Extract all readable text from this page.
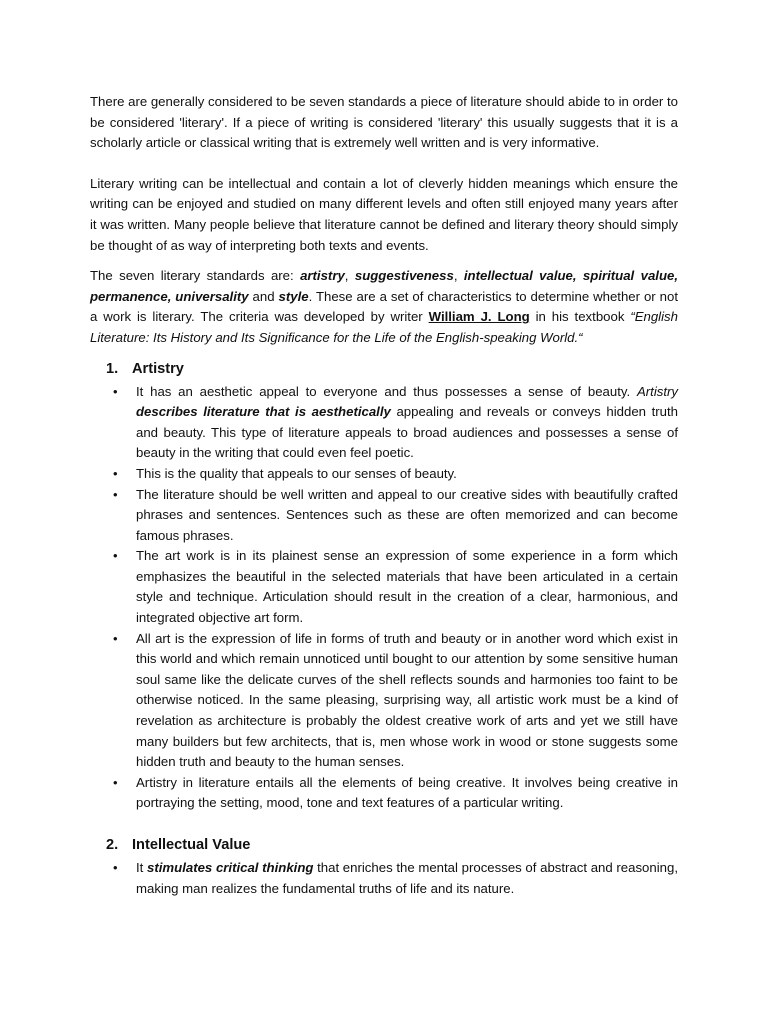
There are generally considered to be seven standards a piece of literature should abide to in order to be considered 'literary'. If a piece of writing is considered 'literary' this usually suggests that it is a scholarly article or classical writing that is extremely well written and is very informative.

Literary writing can be intellectual and contain a lot of cleverly hidden meanings which ensure the writing can be enjoyed and studied on many different levels and often still enjoyed many years after it was written. Many people believe that literature cannot be defined and literary theory should simply be thought of as way of interpreting both texts and events.

The seven literary standards are: artistry, suggestiveness, intellectual value, spiritual value, permanence, universality and style. These are a set of characteristics to determine whether or not a work is literary. The criteria was developed by writer William J. Long in his textbook “English Literature: Its History and Its Significance for the Life of the English-speaking World.“

1. Artistry
• It has an aesthetic appeal to everyone and thus possesses a sense of beauty. Artistry describes literature that is aesthetically appealing and reveals or conveys hidden truth and beauty. This type of literature appeals to broad audiences and possesses a sense of beauty in the writing that could even feel poetic.
• This is the quality that appeals to our senses of beauty.
• The literature should be well written and appeal to our creative sides with beautifully crafted phrases and sentences. Sentences such as these are often memorized and can become famous phrases.
• The art work is in its plainest sense an expression of some experience in a form which emphasizes the beautiful in the selected materials that have been articulated in a certain style and technique. Articulation should result in the creation of a clear, harmonious, and integrated objective art form.
• All art is the expression of life in forms of truth and beauty or in another word which exist in this world and which remain unnoticed until bought to our attention by some sensitive human soul same like the delicate curves of the shell reflects sounds and harmonies too faint to be otherwise noticed. In the same pleasing, surprising way, all artistic work must be a kind of revelation as architecture is probably the oldest creative work of arts and yet we still have many builders but few architects, that is, men whose work in wood or stone suggests some hidden truth and beauty to the human senses.
• Artistry in literature entails all the elements of being creative. It involves being creative in portraying the setting, mood, tone and text features of a particular writing.
2. Intellectual Value
• It stimulates critical thinking that enriches the mental processes of abstract and reasoning, making man realizes the fundamental truths of life and its nature.
